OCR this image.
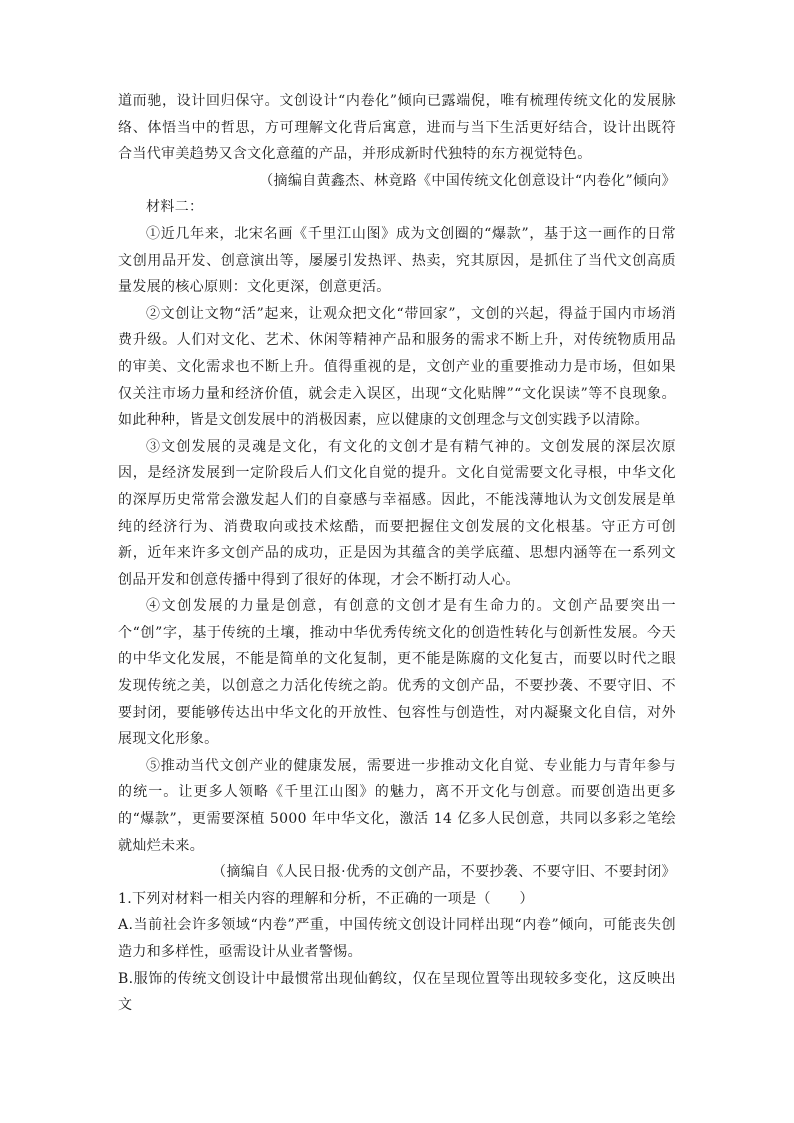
道而驰，设计回归保守。文创设计“内卷化”倾向已露端倪，唯有梳理传统文化的发展脉络、体悟当中的哲思，方可理解文化背后寓意，进而与当下生活更好结合，设计出既符合当代审美趋势又含文化意蕴的产品，并形成新时代独特的东方视觉特色。

（摘编自黄鑫杰、林竟路《中国传统文化创意设计“内卷化”倾向》

材料二：

①近几年来，北宋名画《千里江山图》成为文创圈的“爆款”，基于这一画作的日常文创用品开发、创意演出等，屡屡引发热评、热卖，究其原因，是抓住了当代文创高质量发展的核心原则：文化更深，创意更活。

②文创让文物“活”起来，让观众把文化“带回家”，文创的兴起，得益于国内市场消费升级。人们对文化、艺术、休闲等精神产品和服务的需求不断上升，对传统物质用品的审美、文化需求也不断上升。值得重视的是，文创产业的重要推动力是市场，但如果仅关注市场力量和经济价值，就会走入误区，出现“文化贴牌”“文化误读”等不良现象。如此种种，皆是文创发展中的消极因素，应以健康的文创理念与文创实践予以清除。

③文创发展的灵魂是文化，有文化的文创才是有精气神的。文创发展的深层次原因，是经济发展到一定阶段后人们文化自觉的提升。文化自觉需要文化寻根，中华文化的深厚历史常常会激发起人们的自豪感与幸福感。因此，不能浅薄地认为文创发展是单纯的经济行为、消费取向或技术炫酷，而要把握住文创发展的文化根基。守正方可创新，近年来许多文创产品的成功，正是因为其蕴含的美学底蕴、思想内涵等在一系列文创品开发和创意传播中得到了很好的体现，才会不断打动人心。

④文创发展的力量是创意，有创意的文创才是有生命力的。文创产品要突出一个“创”字，基于传统的土壤，推动中华优秀传统文化的创造性转化与创新性发展。今天的中华文化发展，不能是简单的文化复制，更不能是陈腐的文化复古，而要以时代之眼发现传统之美，以创意之力活化传统之韵。优秀的文创产品，不要抄袭、不要守旧、不要封闭，要能够传达出中华文化的开放性、包容性与创造性，对内凝聚文化自信，对外展现文化形象。

⑤推动当代文创产业的健康发展，需要进一步推动文化自觉、专业能力与青年参与的统一。让更多人领略《千里江山图》的魅力，离不开文化与创意。而要创造出更多的“爆款”，更需要深植 5000 年中华文化，激活 14 亿多人民创意，共同以多彩之笔绘就灿烂未来。

（摘编自《人民日报·优秀的文创产品，不要抄袭、不要守旧、不要封闭》

1.下列对材料一相关内容的理解和分析，不正确的一项是（　　）

A.当前社会许多领域“内卷”严重，中国传统文创设计同样出现“内卷”倾向，可能丧失创造力和多样性，亟需设计从业者警惕。

B.服饰的传统文创设计中最惯常出现仙鹤纹，仅在呈现位置等出现较多变化，这反映出文
